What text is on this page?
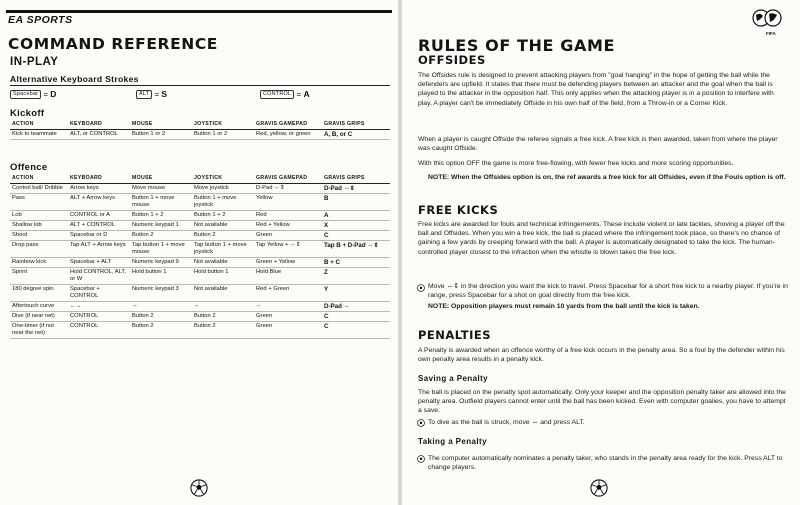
EA SPORTS
COMMAND REFERENCE
IN-PLAY
Alternative Keyboard Strokes
Spacebar = D	ALT = S	CONTROL = A
Kickoff
ACTION	KEYBOARD	MOUSE	JOYSTICK	GRAVIS GAMEPAD	GRAVIS GRIPS
Kick to teammate	ALT, or CONTROL	Button 1 or 2	Button 1 or 2	Red, yellow, or green	A, B, or C
Offence
ACTION	KEYBOARD	MOUSE	JOYSTICK	GRAVIS GAMEPAD	GRAVIS GRIPS
Control ball/ Dribble	Arrow keys	Move mouse	Move joystick	D-Pad ⇔⇕	D-Pad ⇔⇕
Pass	ALT + Arrow keys	Button 1 + move mouse	Button 1 + move joystick	Yellow	B
Lob	CONTROL or A	Button 1 + 2	Button 1 + 2	Red	A
Shallow lob	ALT + CONTROL	Numeric keypad 1	Not available	Red + Yellow	X
Shoot	Spacebar or D	Button 2	Button 2	Green	C
Drop pass	Tap ALT + Arrow keys	Tap button 1 + move mouse	Tap button 1 + move joystick	Tap Yellow + ⇔⇕	Tap B + D-Pad ⇔⇕
Rainbow kick	Spacebar + ALT	Numeric keypad 9	Not available	Green + Yellow	B + C
Sprint	Hold CONTROL, ALT, or W	Hold button 1	Hold button 1	Hold Blue	Z
180 degree spin	Spacebar + CONTROL	Numeric keypad 3	Not available	Red + Green	Y
Aftertouch curve	←→	⇔	⇔	⇔	D-Pad ⇔
Dive (if near net)	CONTROL	Button 2	Button 2	Green	C
One-timer (if not near the net)	CONTROL	Button 2	Button 2	Green	C
FIFA
RULES OF THE GAME
OFFSIDES
The Offsides rule is designed to prevent attacking players from "goal hanging" in the hope of getting the ball while the defenders are upfield. It states that there must be defending players between an attacker and the goal when the ball is played to the attacker in the opposition half. This only applies when the attacking player is in a position to interfere with play. A player can't be immediately Offside in his own half of the field, from a Throw-in or a Corner Kick.
When a player is caught Offside the referee signals a free kick. A free kick is then awarded, taken from where the player was caught Offside.
With this option OFF the game is more free-flowing, with fewer free kicks and more scoring opportunities.
NOTE: When the Offsides option is on, the ref awards a free kick for all Offsides, even if the Fouls option is off.
FREE KICKS
Free kicks are awarded for fouls and technical infringements. These include violent or late tackles, shoving a player off the ball and Offsides. When you win a free kick, the ball is placed where the infringement took place, so there's no chance of gaining a few yards by creeping forward with the ball. A player is automatically designated to take the kick. The human-controlled player closest to the infraction when the whistle is blown takes the free kick.
Move ⇔⇕ in the direction you want the kick to travel. Press Spacebar for a short free kick to a nearby player. If you're in range, press Spacebar for a shot on goal directly from the free kick.
NOTE: Opposition players must remain 10 yards from the ball until the kick is taken.
PENALTIES
A Penalty is awarded when an offence worthy of a free kick occurs in the penalty area. So a foul by the defender within his own penalty area results in a penalty kick.
Saving a Penalty
The ball is placed on the penalty spot automatically. Only your keeper and the opposition penalty taker are allowed into the penalty area. Outfield players cannot enter until the ball has been kicked. Even with computer goalies, you have to attempt a save.
To dive as the ball is struck, move ⇔ and press ALT.
Taking a Penalty
The computer automatically nominates a penalty taker, who stands in the penalty area ready for the kick. Press ALT to change players.
